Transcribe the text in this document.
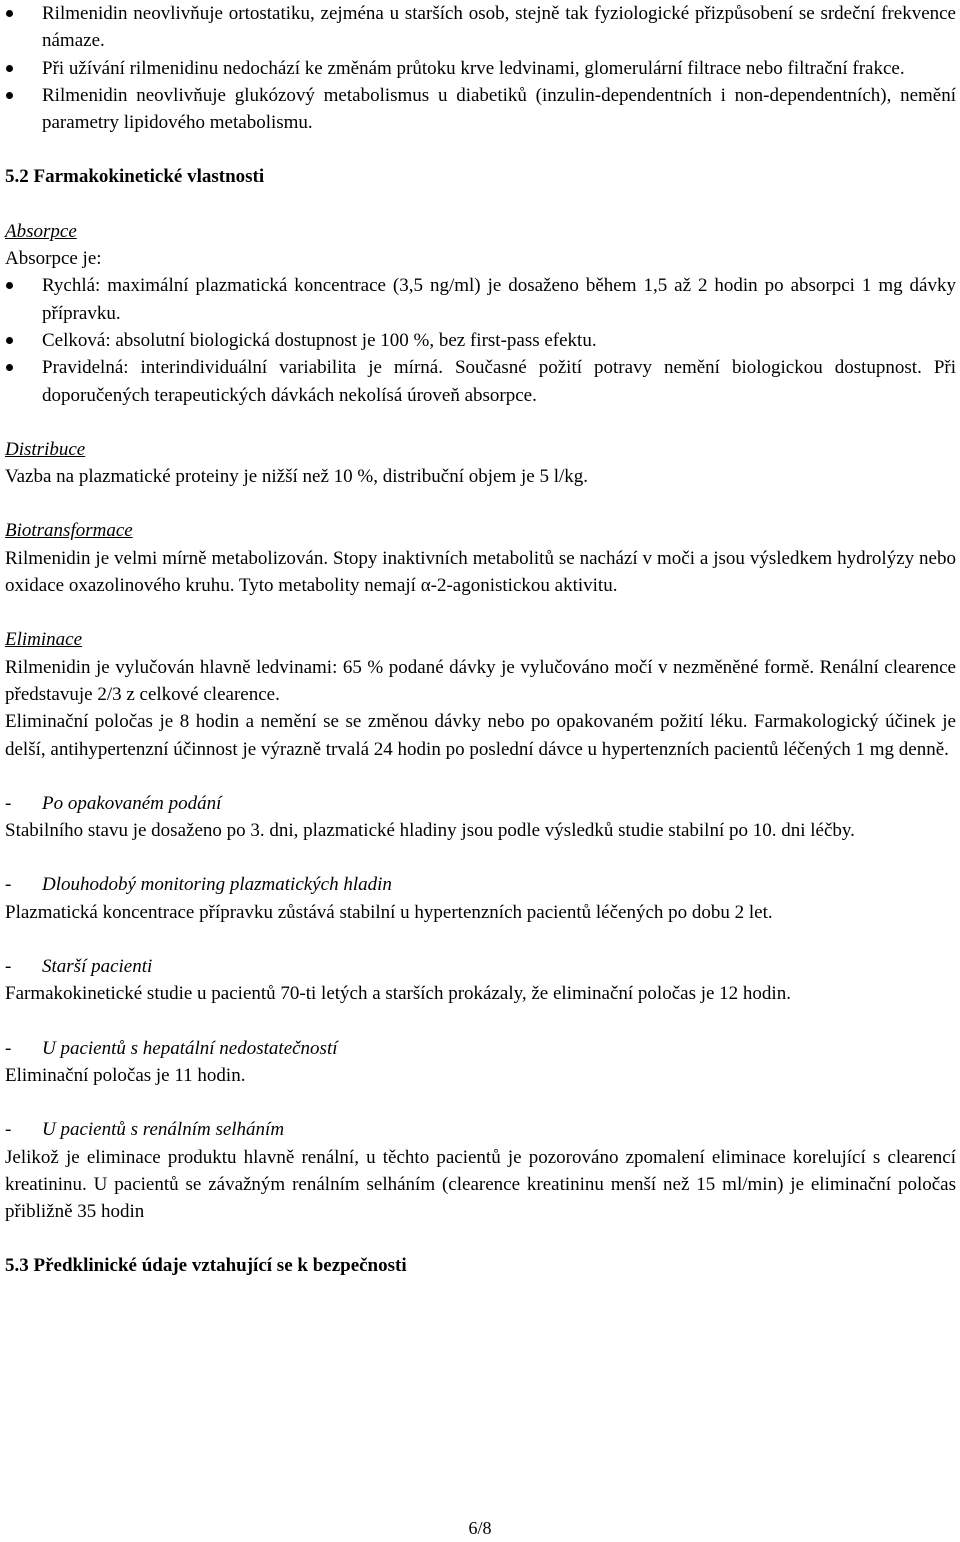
Rilmenidin neovlivňuje ortostatiku, zejména u starších osob, stejně tak fyziologické přizpůsobení se srdeční frekvence námaze.
Při užívání rilmenidinu nedochází ke změnám průtoku krve ledvinami, glomerulární filtrace nebo filtrační frakce.
Rilmenidin neovlivňuje glukózový metabolismus u diabetiků (inzulin-dependentních i non-dependentních), nemění parametry lipidového metabolismu.

5.2 Farmakokinetické vlastnosti

Absorpce

Absorpce je:

Rychlá: maximální plazmatická koncentrace (3,5 ng/ml) je dosaženo během 1,5 až 2 hodin po absorpci 1 mg dávky přípravku.
Celková: absolutní biologická dostupnost je 100 %, bez first-pass efektu.
Pravidelná: interindividuální variabilita je mírná. Současné požití potravy nemění biologickou dostupnost. Při doporučených terapeutických dávkách nekolísá úroveň absorpce.

Distribuce

Vazba na plazmatické proteiny je nižší než 10 %, distribuční objem je 5 l/kg.

Biotransformace

Rilmenidin je velmi mírně metabolizován. Stopy inaktivních metabolitů se nachází v moči a jsou výsledkem hydrolýzy nebo oxidace oxazolinového kruhu. Tyto metabolity nemají α-2-agonistickou aktivitu.

Eliminace

Rilmenidin je vylučován hlavně ledvinami: 65 % podané dávky je vylučováno močí v nezměněné formě. Renální clearence představuje 2/3 z celkové clearence.

Eliminační poločas je 8 hodin a nemění se se změnou dávky nebo po opakovaném požití léku. Farmakologický účinek je delší, antihypertenzní účinnost je výrazně trvalá 24 hodin po poslední dávce u hypertenzních pacientů léčených 1 mg denně.

- Po opakovaném podání

Stabilního stavu je dosaženo po 3. dni, plazmatické hladiny jsou podle výsledků studie stabilní po 10. dni léčby.

- Dlouhodobý monitoring plazmatických hladin

Plazmatická koncentrace přípravku zůstává stabilní u hypertenzních pacientů léčených po dobu 2 let.

- Starší pacienti

Farmakokinetické studie u pacientů 70-ti letých a starších prokázaly, že eliminační poločas je 12 hodin.

- U pacientů s hepatální nedostatečností

Eliminační poločas je 11 hodin.

- U pacientů s renálním selháním

Jelikož je eliminace produktu hlavně renální, u těchto pacientů je pozorováno zpomalení eliminace korelující s clearencí kreatininu. U pacientů se závažným renálním selháním (clearence kreatininu menší než 15 ml/min) je eliminační poločas přibližně 35 hodin

5.3 Předklinické údaje vztahující se k bezpečnosti

6/8
